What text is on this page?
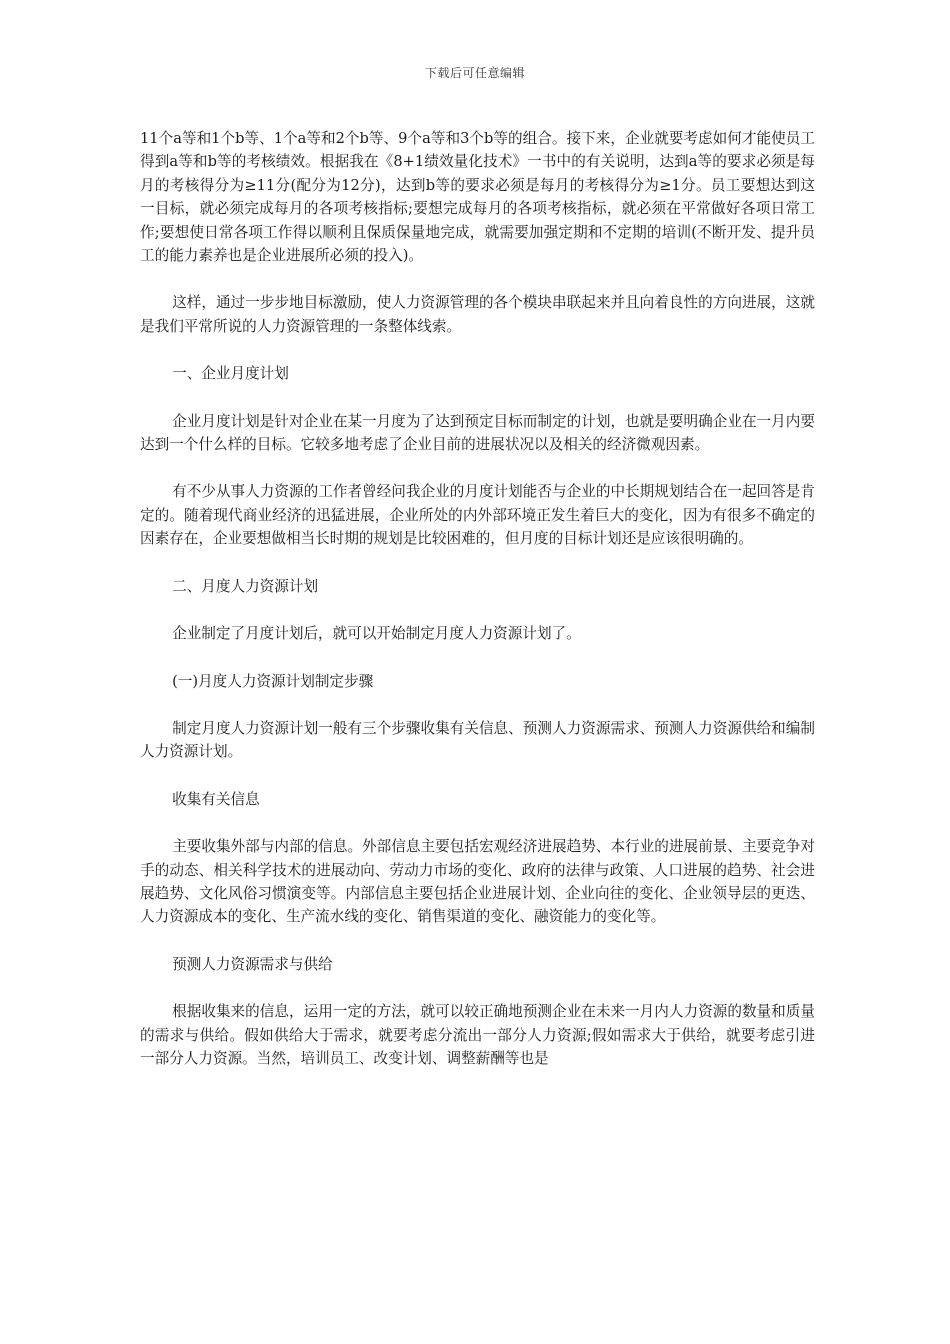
下载后可任意编辑

11个a等和1个b等、1个a等和2个b等、9个a等和3个b等的组合。接下来，企业就要考虑如何才能使员工得到a等和b等的考核绩效。根据我在《8+1绩效量化技术》一书中的有关说明，达到a等的要求必须是每月的考核得分为≥11分(配分为12分)，达到b等的要求必须是每月的考核得分为≥1分。员工要想达到这一目标，就必须完成每月的各项考核指标;要想完成每月的各项考核指标，就必须在平常做好各项日常工作;要想使日常各项工作得以顺利且保质保量地完成，就需要加强定期和不定期的培训(不断开发、提升员工的能力素养也是企业进展所必须的投入)。

这样，通过一步步地目标激励，使人力资源管理的各个模块串联起来并且向着良性的方向进展，这就是我们平常所说的人力资源管理的一条整体线索。

一、企业月度计划

企业月度计划是针对企业在某一月度为了达到预定目标而制定的计划，也就是要明确企业在一月内要达到一个什么样的目标。它较多地考虑了企业目前的进展状况以及相关的经济微观因素。

有不少从事人力资源的工作者曾经问我企业的月度计划能否与企业的中长期规划结合在一起回答是肯定的。随着现代商业经济的迅猛进展，企业所处的内外部环境正发生着巨大的变化，因为有很多不确定的因素存在，企业要想做相当长时期的规划是比较困难的，但月度的目标计划还是应该很明确的。

二、月度人力资源计划

企业制定了月度计划后，就可以开始制定月度人力资源计划了。

(一)月度人力资源计划制定步骤

制定月度人力资源计划一般有三个步骤收集有关信息、预测人力资源需求、预测人力资源供给和编制人力资源计划。

收集有关信息

主要收集外部与内部的信息。外部信息主要包括宏观经济进展趋势、本行业的进展前景、主要竞争对手的动态、相关科学技术的进展动向、劳动力市场的变化、政府的法律与政策、人口进展的趋势、社会进展趋势、文化风俗习惯演变等。内部信息主要包括企业进展计划、企业向往的变化、企业领导层的更迭、人力资源成本的变化、生产流水线的变化、销售渠道的变化、融资能力的变化等。

预测人力资源需求与供给

根据收集来的信息，运用一定的方法，就可以较正确地预测企业在未来一月内人力资源的数量和质量的需求与供给。假如供给大于需求，就要考虑分流出一部分人力资源;假如需求大于供给，就要考虑引进一部分人力资源。当然，培训员工、改变计划、调整薪酬等也是
